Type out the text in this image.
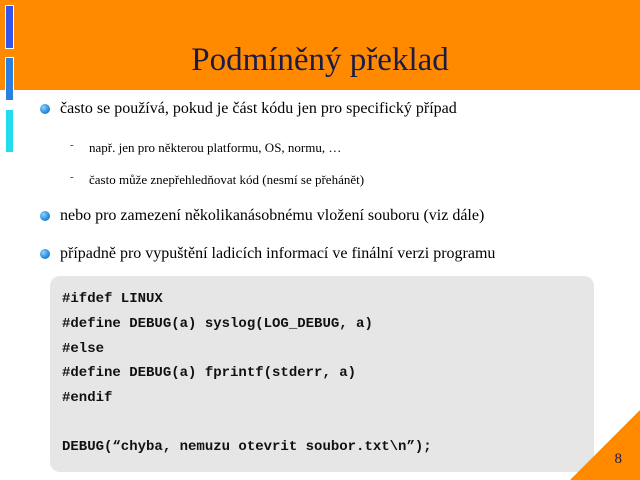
Podmíněný překlad
často se používá, pokud je část kódu jen pro specifický případ
- např. jen pro některou platformu, OS, normu, …
- často může znepřehledňovat kód (nesmí se přehánět)
nebo pro zamezení několikanásobnému vložení souboru (viz dále)
případně pro vypuštění ladicích informací ve finální verzi programu
#ifdef LINUX
#define DEBUG(a) syslog(LOG_DEBUG, a)
#else
#define DEBUG(a) fprintf(stderr, a)
#endif
DEBUG(“chyba, nemuzu otevrit soubor.txt\n”);
8
